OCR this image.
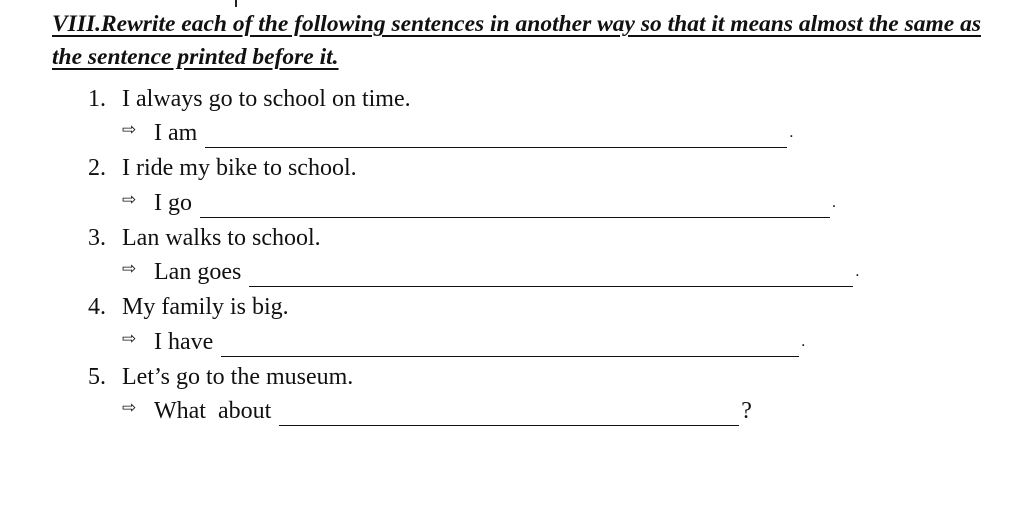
VIII.Rewrite each of the following sentences in another way so that it means almost the same as the sentence printed before it.
1. I always go to school on time.
⇨ I am	.
2. I ride my bike to school.
⇨ I go	.
3. Lan walks to school.
⇨ Lan goes	.
4. My family is big.
⇨ I have	.
5. Let’s go to the museum.
⇨ What  about	?
